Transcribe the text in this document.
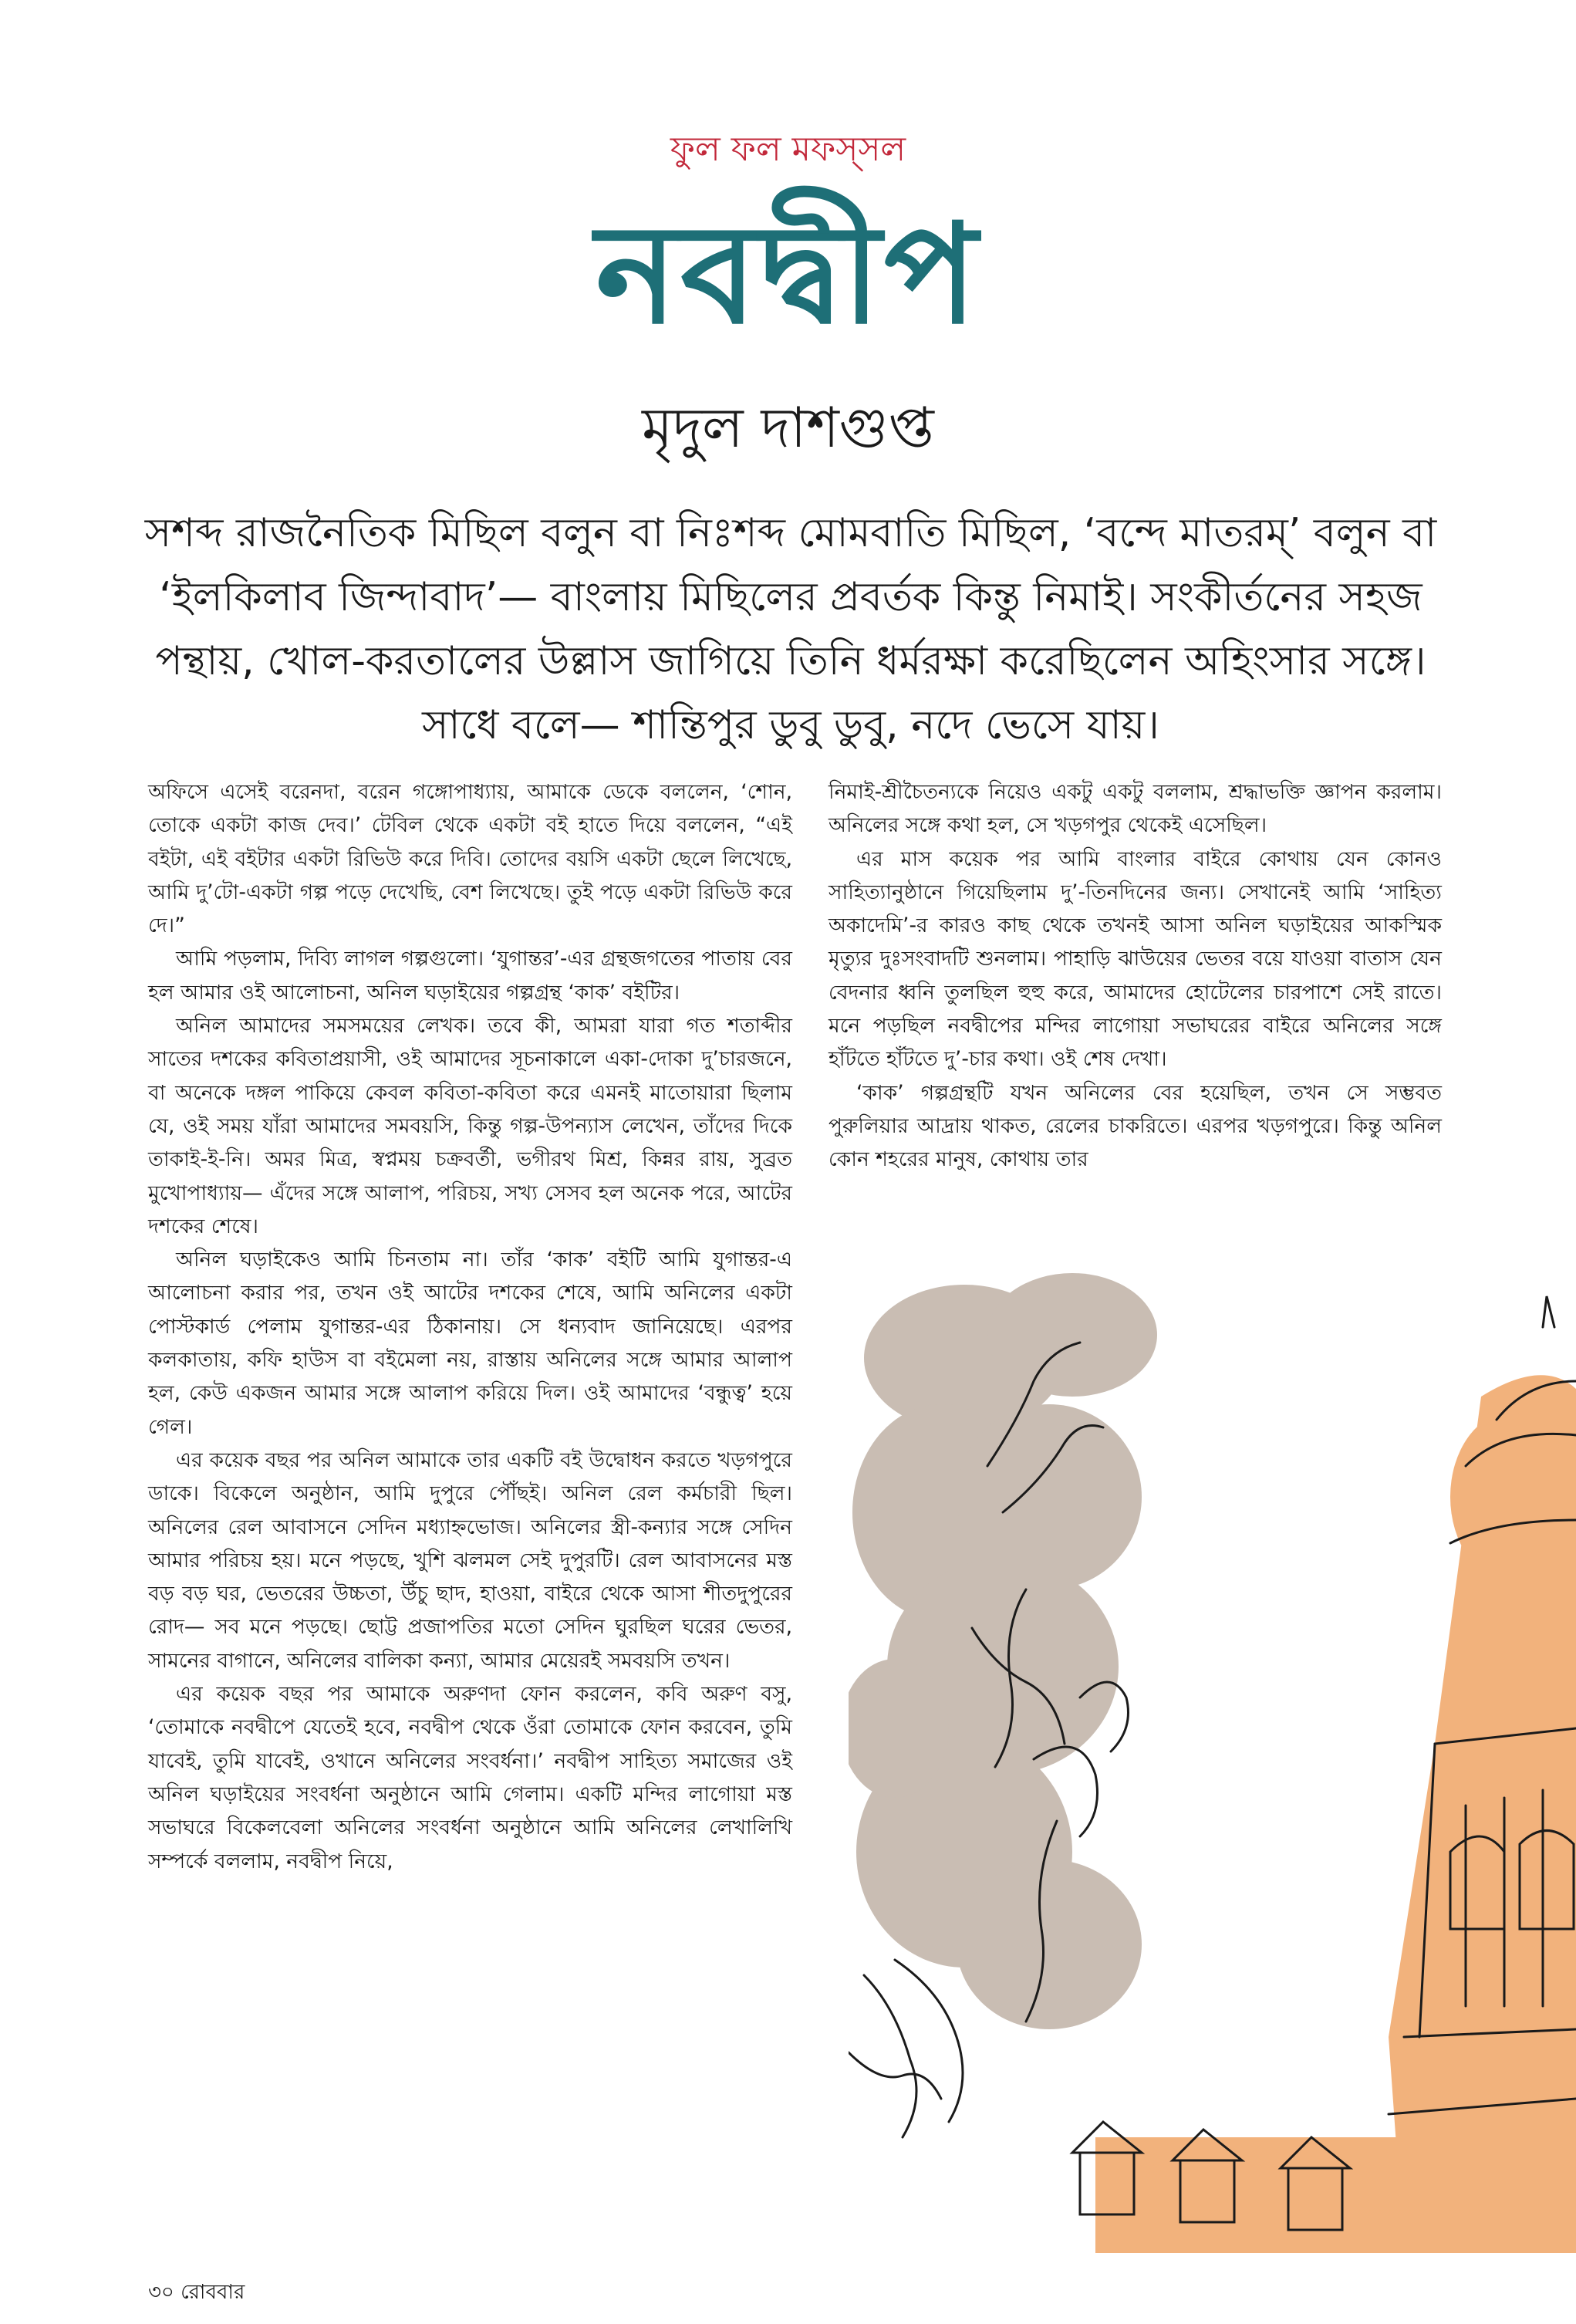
ফুল ফল মফস্‌সল
নবদ্বীপ
মৃদুল দাশগুপ্ত
সশব্দ রাজনৈতিক মিছিল বলুন বা নিঃশব্দ মোমবাতি মিছিল, ‘বন্দে মাতরম্‌’ বলুন বা ‘ইলকিলাব জিন্দাবাদ’— বাংলায় মিছিলের প্রবর্তক কিন্তু নিমাই। সংকীর্তনের সহজ পন্থায়, খোল-করতালের উল্লাস জাগিয়ে তিনি ধর্মরক্ষা করেছিলেন অহিংসার সঙ্গে। সাধে বলে— শান্তিপুর ডুবু ডুবু, নদে ভেসে যায়।

অফিসে এসেই বরেনদা, বরেন গঙ্গোপাধ্যায়, আমাকে ডেকে বললেন, ‘শোন, তোকে একটা কাজ দেব।’ টেবিল থেকে একটা বই হাতে দিয়ে বললেন, “এই বইটা, এই বইটার একটা রিভিউ করে দিবি। তোদের বয়সি একটা ছেলে লিখেছে, আমি দু’টো-একটা গল্প পড়ে দেখেছি, বেশ লিখেছে। তুই পড়ে একটা রিভিউ করে দে।”

আমি পড়লাম, দিব্যি লাগল গল্পগুলো। ‘যুগান্তর’-এর গ্রন্থজগতের পাতায় বের হল আমার ওই আলোচনা, অনিল ঘড়াইয়ের গল্পগ্রন্থ ‘কাক’ বইটির।

অনিল আমাদের সমসময়ের লেখক। তবে কী, আমরা যারা গত শতাব্দীর সাতের দশকের কবিতাপ্রয়াসী, ওই আমাদের সূচনাকালে একা-দোকা দু’চারজনে, বা অনেকে দঙ্গল পাকিয়ে কেবল কবিতা-কবিতা করে এমনই মাতোয়ারা ছিলাম যে, ওই সময় যাঁরা আমাদের সমবয়সি, কিন্তু গল্প-উপন্যাস লেখেন, তাঁদের দিকে তাকাই-ই-নি। অমর মিত্র, স্বপ্নময় চক্রবর্তী, ভগীরথ মিশ্র, কিন্নর রায়, সুব্রত মুখোপাধ্যায়— এঁদের সঙ্গে আলাপ, পরিচয়, সখ্য সেসব হল অনেক পরে, আটের দশকের শেষে।

অনিল ঘড়াইকেও আমি চিনতাম না। তাঁর ‘কাক’ বইটি আমি যুগান্তর-এ আলোচনা করার পর, তখন ওই আটের দশকের শেষে, আমি অনিলের একটা পোস্টকার্ড পেলাম যুগান্তর-এর ঠিকানায়। সে ধন্যবাদ জানিয়েছে। এরপর কলকাতায়, কফি হাউস বা বইমেলা নয়, রাস্তায় অনিলের সঙ্গে আমার আলাপ হল, কেউ একজন আমার সঙ্গে আলাপ করিয়ে দিল। ওই আমাদের ‘বন্ধুত্ব’ হয়ে গেল।

এর কয়েক বছর পর অনিল আমাকে তার একটি বই উদ্বোধন করতে খড়গপুরে ডাকে। বিকেলে অনুষ্ঠান, আমি দুপুরে পৌঁছই। অনিল রেল কর্মচারী ছিল। অনিলের রেল আবাসনে সেদিন মধ্যাহ্নভোজ। অনিলের স্ত্রী-কন্যার সঙ্গে সেদিন আমার পরিচয় হয়। মনে পড়ছে, খুশি ঝলমল সেই দুপুরটি। রেল আবাসনের মস্ত বড় বড় ঘর, ভেতরের উচ্চতা, উঁচু ছাদ, হাওয়া, বাইরে থেকে আসা শীতদুপুরের রোদ— সব মনে পড়ছে। ছোট্ট প্রজাপতির মতো সেদিন ঘুরছিল ঘরের ভেতর, সামনের বাগানে, অনিলের বালিকা কন্যা, আমার মেয়েরই সমবয়সি তখন।

এর কয়েক বছর পর আমাকে অরুণদা ফোন করলেন, কবি অরুণ বসু, ‘তোমাকে নবদ্বীপে যেতেই হবে, নবদ্বীপ থেকে ওঁরা তোমাকে ফোন করবেন, তুমি যাবেই, তুমি যাবেই, ওখানে অনিলের সংবর্ধনা।’ নবদ্বীপ সাহিত্য সমাজের ওই অনিল ঘড়াইয়ের সংবর্ধনা অনুষ্ঠানে আমি গেলাম। একটি মন্দির লাগোয়া মস্ত সভাঘরে বিকেলবেলা অনিলের সংবর্ধনা অনুষ্ঠানে আমি অনিলের লেখালিখি সম্পর্কে বললাম, নবদ্বীপ নিয়ে,

নিমাই-শ্রীচৈতন্যকে নিয়েও একটু একটু বললাম, শ্রদ্ধাভক্তি জ্ঞাপন করলাম। অনিলের সঙ্গে কথা হল, সে খড়গপুর থেকেই এসেছিল।

এর মাস কয়েক পর আমি বাংলার বাইরে কোথায় যেন কোনও সাহিত্যানুষ্ঠানে গিয়েছিলাম দু’-তিনদিনের জন্য। সেখানেই আমি ‘সাহিত্য অকাদেমি’-র কারও কাছ থেকে তখনই আসা অনিল ঘড়াইয়ের আকস্মিক মৃত্যুর দুঃসংবাদটি শুনলাম। পাহাড়ি ঝাউয়ের ভেতর বয়ে যাওয়া বাতাস যেন বেদনার ধ্বনি তুলছিল হুহু করে, আমাদের হোটেলের চারপাশে সেই রাতে। মনে পড়ছিল নবদ্বীপের মন্দির লাগোয়া সভাঘরের বাইরে অনিলের সঙ্গে হাঁটতে হাঁটতে দু’-চার কথা। ওই শেষ দেখা।

‘কাক’ গল্পগ্রন্থটি যখন অনিলের বের হয়েছিল, তখন সে সম্ভবত পুরুলিয়ার আদ্রায় থাকত, রেলের চাকরিতে। এরপর খড়গপুরে। কিন্তু অনিল কোন শহরের মানুষ, কোথায় তার

৩০ রোববার
